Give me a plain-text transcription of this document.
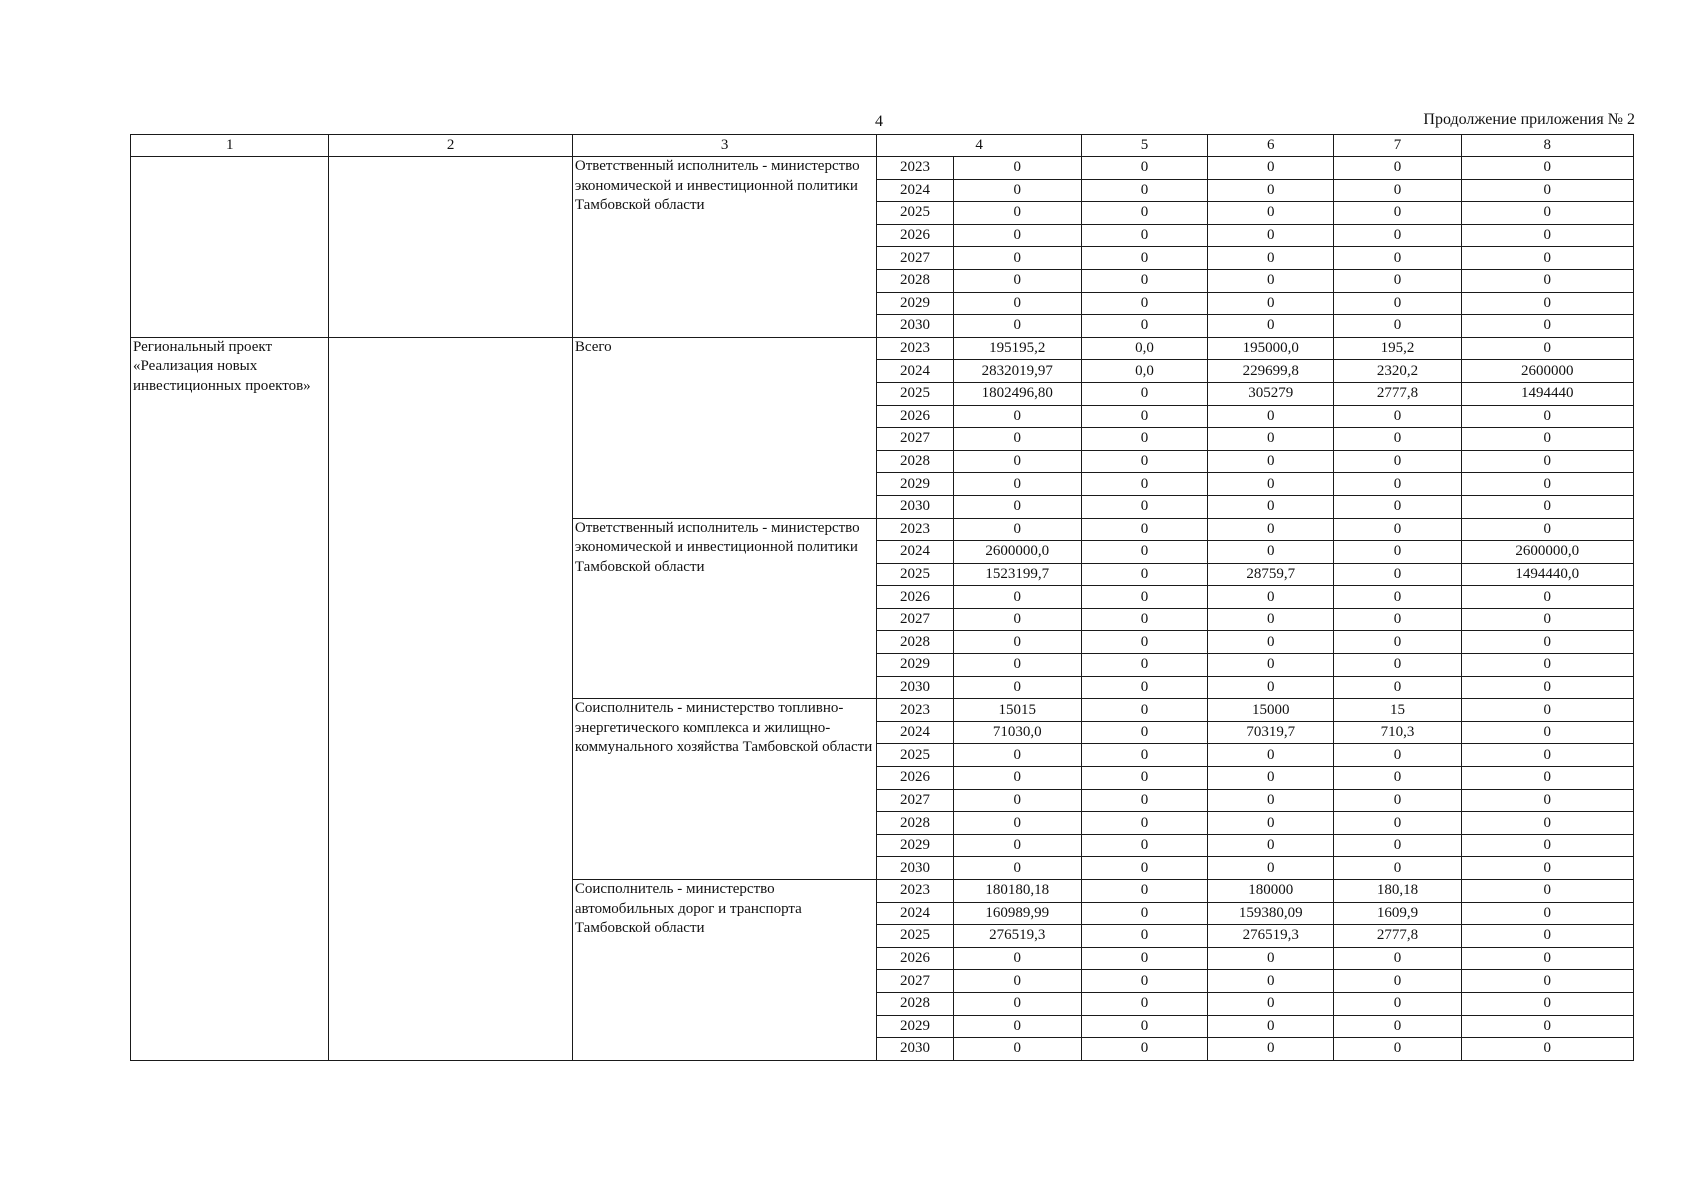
4	Продолжение приложения № 2
1	2	3	4		5	6	7	8
		Ответственный исполнитель - министерство экономической и инвестиционной политики Тамбовской области	2023	0	0	0	0	0
			2024	0	0	0	0	0
			2025	0	0	0	0	0
			2026	0	0	0	0	0
			2027	0	0	0	0	0
			2028	0	0	0	0	0
			2029	0	0	0	0	0
			2030	0	0	0	0	0
Региональный проект «Реализация новых инвестиционных проектов»		Всего	2023	195195,2	0,0	195000,0	195,2	0
			2024	2832019,97	0,0	229699,8	2320,2	2600000
			2025	1802496,80	0	305279	2777,8	1494440
			2026	0	0	0	0	0
			2027	0	0	0	0	0
			2028	0	0	0	0	0
			2029	0	0	0	0	0
			2030	0	0	0	0	0
		Ответственный исполнитель - министерство экономической и инвестиционной политики Тамбовской области	2023	0	0	0	0	0
			2024	2600000,0	0	0	0	2600000,0
			2025	1523199,7	0	28759,7	0	1494440,0
			2026	0	0	0	0	0
			2027	0	0	0	0	0
			2028	0	0	0	0	0
			2029	0	0	0	0	0
			2030	0	0	0	0	0
		Соисполнитель - министерство топливно-энергетического комплекса и жилищно-коммунального хозяйства Тамбовской области	2023	15015	0	15000	15	0
			2024	71030,0	0	70319,7	710,3	0
			2025	0	0	0	0	0
			2026	0	0	0	0	0
			2027	0	0	0	0	0
			2028	0	0	0	0	0
			2029	0	0	0	0	0
			2030	0	0	0	0	0
		Соисполнитель - министерство автомобильных дорог и транспорта Тамбовской области	2023	180180,18	0	180000	180,18	0
			2024	160989,99	0	159380,09	1609,9	0
			2025	276519,3	0	276519,3	2777,8	0
			2026	0	0	0	0	0
			2027	0	0	0	0	0
			2028	0	0	0	0	0
			2029	0	0	0	0	0
			2030	0	0	0	0	0
